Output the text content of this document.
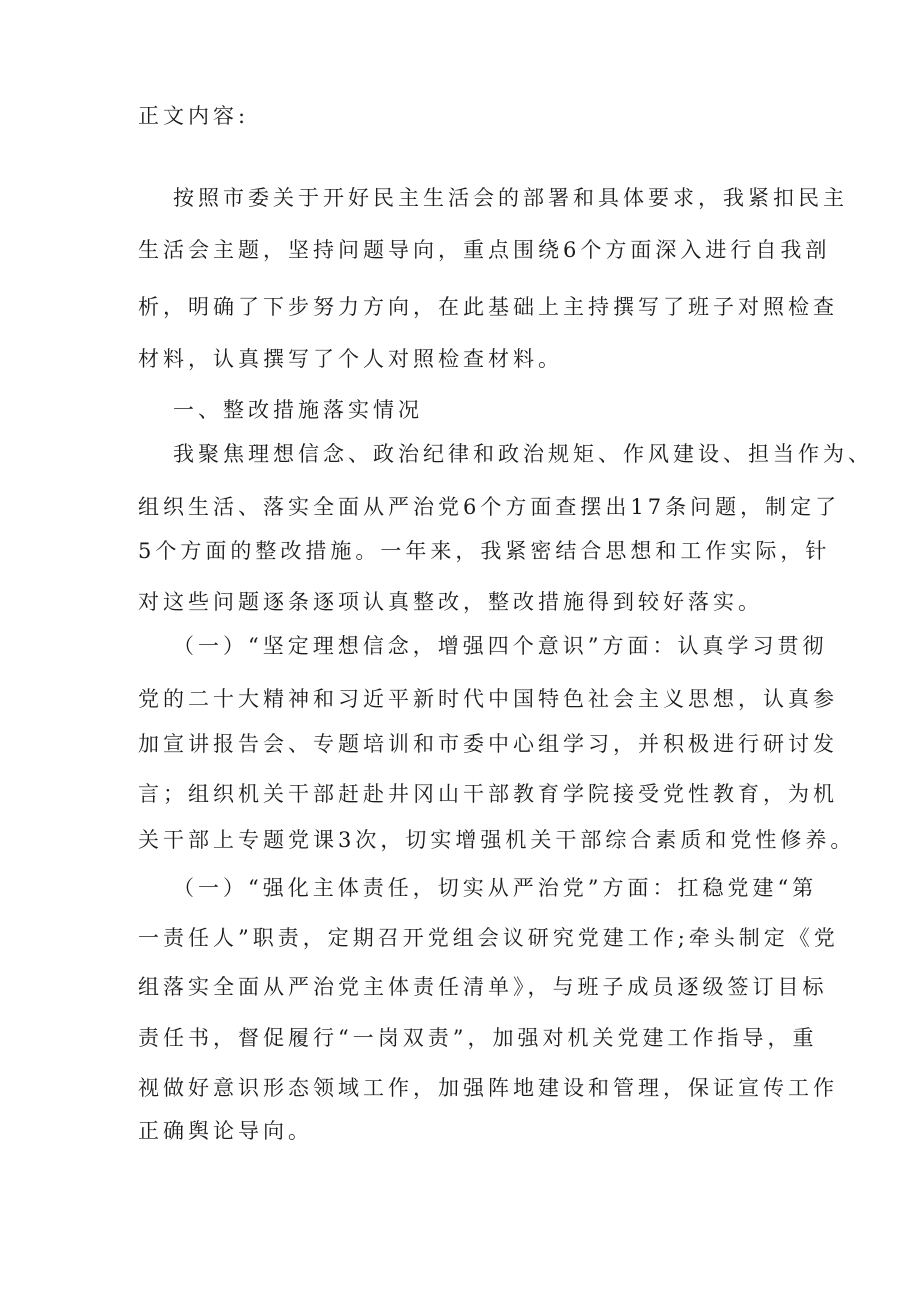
正文内容:
按照市委关于开好民主生活会的部署和具体要求，我紧扣民主
生活会主题，坚持问题导向，重点围绕6个方面深入进行自我剖
析，明确了下步努力方向，在此基础上主持撰写了班子对照检查
材料，认真撰写了个人对照检查材料。
一、整改措施落实情况
我聚焦理想信念、政治纪律和政治规矩、作风建设、担当作为、
组织生活、落实全面从严治党6个方面查摆出17条问题，制定了
5个方面的整改措施。一年来，我紧密结合思想和工作实际，针
对这些问题逐条逐项认真整改，整改措施得到较好落实。
（一）“坚定理想信念，增强四个意识”方面：认真学习贯彻
党的二十大精神和习近平新时代中国特色社会主义思想，认真参
加宣讲报告会、专题培训和市委中心组学习，并积极进行研讨发
言；组织机关干部赶赴井冈山干部教育学院接受党性教育，为机
关干部上专题党课3次，切实增强机关干部综合素质和党性修养。
（一）“强化主体责任，切实从严治党”方面：扛稳党建“第
一责任人”职责，定期召开党组会议研究党建工作;牵头制定《党
组落实全面从严治党主体责任清单》，与班子成员逐级签订目标
责任书，督促履行“一岗双责”，加强对机关党建工作指导，重
视做好意识形态领域工作，加强阵地建设和管理，保证宣传工作
正确舆论导向。
